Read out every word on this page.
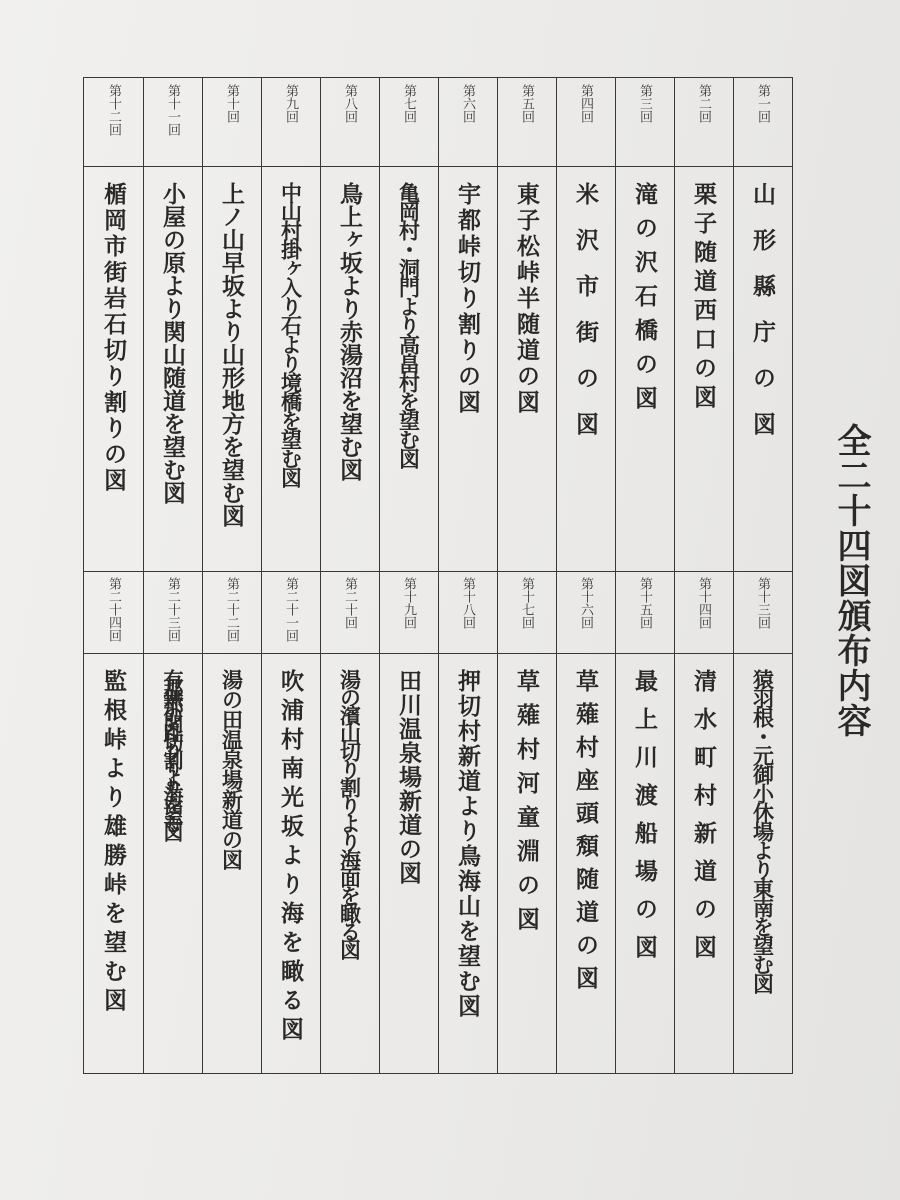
全二十四図頒布内容
第一回
山　形　縣　庁　の　図
第二回
栗子随道西口の図
第三回
滝の沢石橋の図
第四回
米　沢　市　街　の　図
第五回
東子松峠半随道の図
第六回
宇都峠切り割りの図
第七回
亀岡村・洞門より高畠村を望む図
第八回
鳥上ヶ坂より赤湯沼を望む図
第九回
中山村掛ヶ入り石より境橋を望む図
第十回
上ノ山早坂より山形地方を望む図
第十一回
小屋の原より関山随道を望む図
第十二回
楯岡市街岩石切り割りの図
第十三回
猿羽根・元御小休場より東南を望む図
第十四回
清水町村新道の図
第十五回
最上川渡船場の図
第十六回
草薙村座頭頽随道の図
第十七回
草　薙　村　河　童　淵　の　図
第十八回
押切村新道より鳥海山を望む図
第十九回
田　川　温　泉　場　新　道　の　図
第二十回
湯の濱山切り割りより海面を瞰る図
第二十一回
吹浦村南光坂より海を瞰る図
第二十二回
湯　の　田　温　泉　場　新　道　の　図
第二十三回
有那無那の関趾切り割りより海を望む図
第二十四回
監根峠より雄勝峠を望む図
